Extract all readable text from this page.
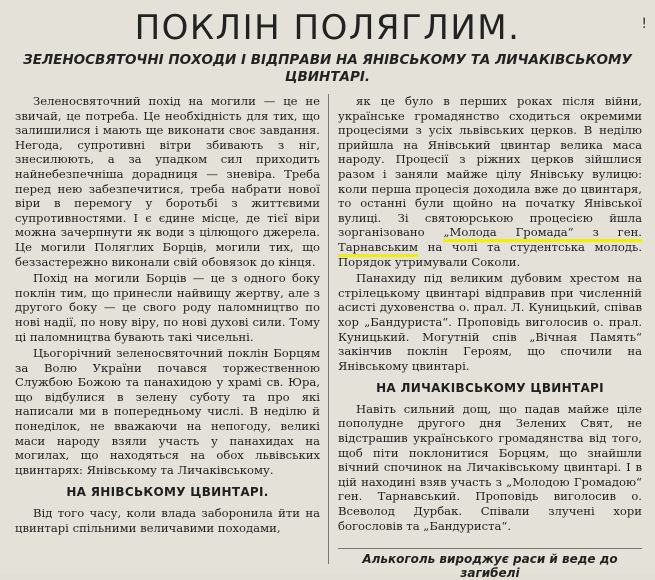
ПОКЛІН ПОЛЯГЛИМ.	!
ЗЕЛЕНОСВЯТОЧНІ ПОХОДИ І ВІДПРАВИ НА ЯНІВСЬКОМУ ТА ЛИЧАКІВСЬКОМУ ЦВИНТАРІ.

Зеленосвяточний похід на могили — це не звичай, це потреба. Це необхідність для тих, що залишилися і мають ще виконати своє завдання. Негода, супротивні вітри збивають з ніг, знесилюють, а за упадком сил приходить найнебезпечніша дорадниця — зневіра. Треба перед нею забезпечитися, треба набрати нової віри в перемогу у боротьбі з життєвими супротивностями. І є єдине місце, де тієї віри можна зачерпнути як води з цілющого джерела. Це могили Поляглих Борців, могили тих, що беззастережно виконали свій обовязок до кінця.

Похід на могили Борців — це з одного боку поклін тим, що принесли найвищу жертву, але з другого боку — це свого роду паломництво по нові надії, по нову віру, по нові духові сили. Тому ці паломництва бувають такі чисельні.

Цьогорічний зеленосвяточний поклін Борцям за Волю України почався торжественною Службою Божою та панахидою у храмі св. Юра, що відбулися в зелену суботу та про які написали ми в попередньому числі. В неділю й понеділок, не вважаючи на непогоду, великі маси народу взяли участь у панахидах на могилах, що находяться на обох львівських цвинтарях: Янівському та Личаківському.

НА ЯНІВСЬКОМУ ЦВИНТАРІ.

Від того часу, коли влада заборонила йти на цвинтарі спільними величавими походами,

як це було в перших роках після війни, українське громадянство сходиться окремими процесіями з усіх львівських церков. В неділю прийшла на Янівський цвинтар велика маса народу. Процесії з ріжних церков зійшлися разом і заняли майже цілу Янівську вулицю: коли перша процесія доходила вже до цвинтаря, то останні були щойно на початку Янівської вулиці. Зі святоюрською процесією йшла зорганізовано „Молода Громада“ з ген. Тарнавським на чолі та студентська молодь. Порядок утримували Соколи.

Панахиду під великим дубовим хрестом на стрілецькому цвинтарі відправив при численній асисті духовенства о. прал. Л. Куницький, співав хор „Бандуриста“. Проповідь виголосив о. прал. Куницький. Могутній спів „Вічная Память“ закінчив поклін Героям, що спочили на Янівському цвинтарі.

НА ЛИЧАКІВСЬКОМУ ЦВИНТАРІ

Навіть сильний дощ, що падав майже ціле пополудне другого дня Зелених Свят, не відстрашив українського громадянства від того, щоб піти поклонитися Борцям, що знайшли вічний спочинок на Личаківському цвинтарі. І в цій находині взяв участь з „Молодою Громадою“ ген. Тарнавський. Проповідь виголосив о. Всеволод Дурбак. Співали злучені хори богословів та „Бандуриста“.

Алькоголь вироджує раси й веде до загибелі
